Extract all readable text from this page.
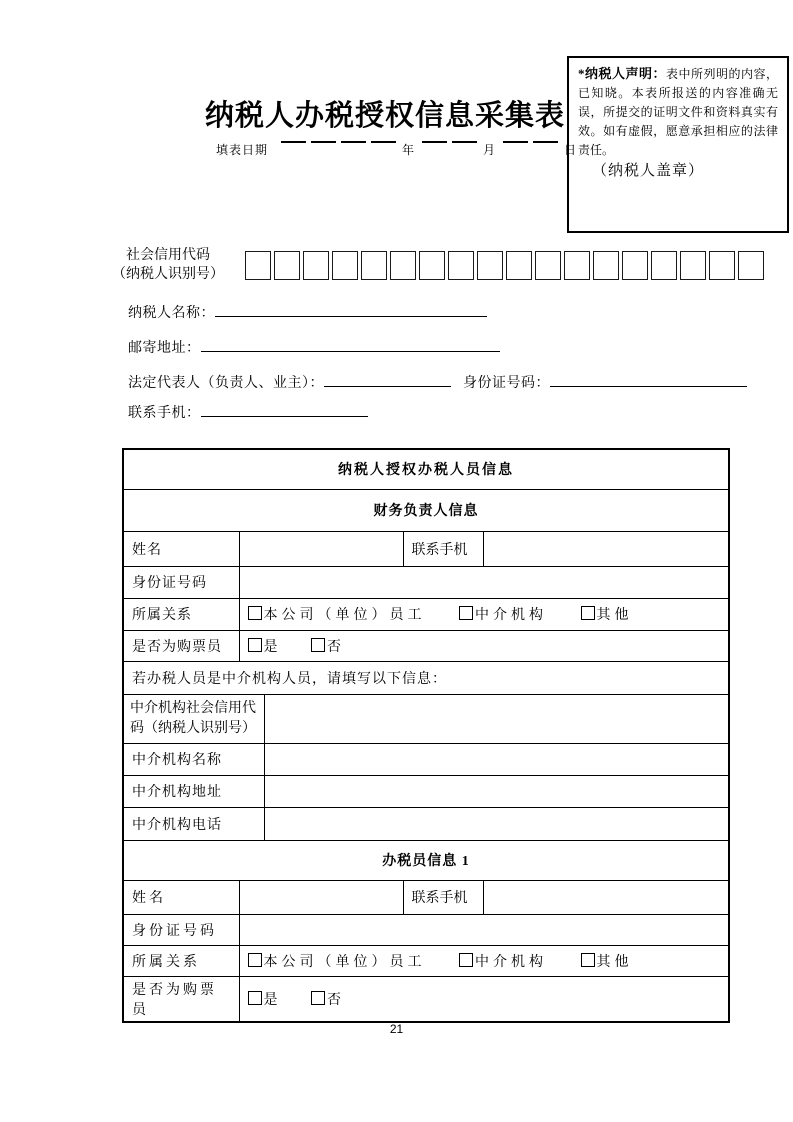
纳税人办税授权信息采集表
填表日期	年	月	日
*纳税人声明：表中所列明的内容，已知晓。本表所报送的内容准确无误，所提交的证明文件和资料真实有效。如有虚假，愿意承担相应的法律责任。
（纳税人盖章）
社会信用代码
（纳税人识别号）
纳税人名称：
邮寄地址：
法定代表人（负责人、业主）：	身份证号码：
联系手机：
纳税人授权办税人员信息				
财务负责人信息				
姓名			联系手机	
身份证号码				
所属关系	本公司（单位）员工 中介机构 其他			
是否为购票员	是 否			
若办税人员是中介机构人员，请填写以下信息：				
中介机构社会信用代码（纳税人识别号）				
中介机构名称				
中介机构地址				
中介机构电话				
办税员信息 1				
姓名			联系手机	
身份证号码				
所属关系	本公司（单位）员工 中介机构 其他			
是否为购票员	是 否			
21
